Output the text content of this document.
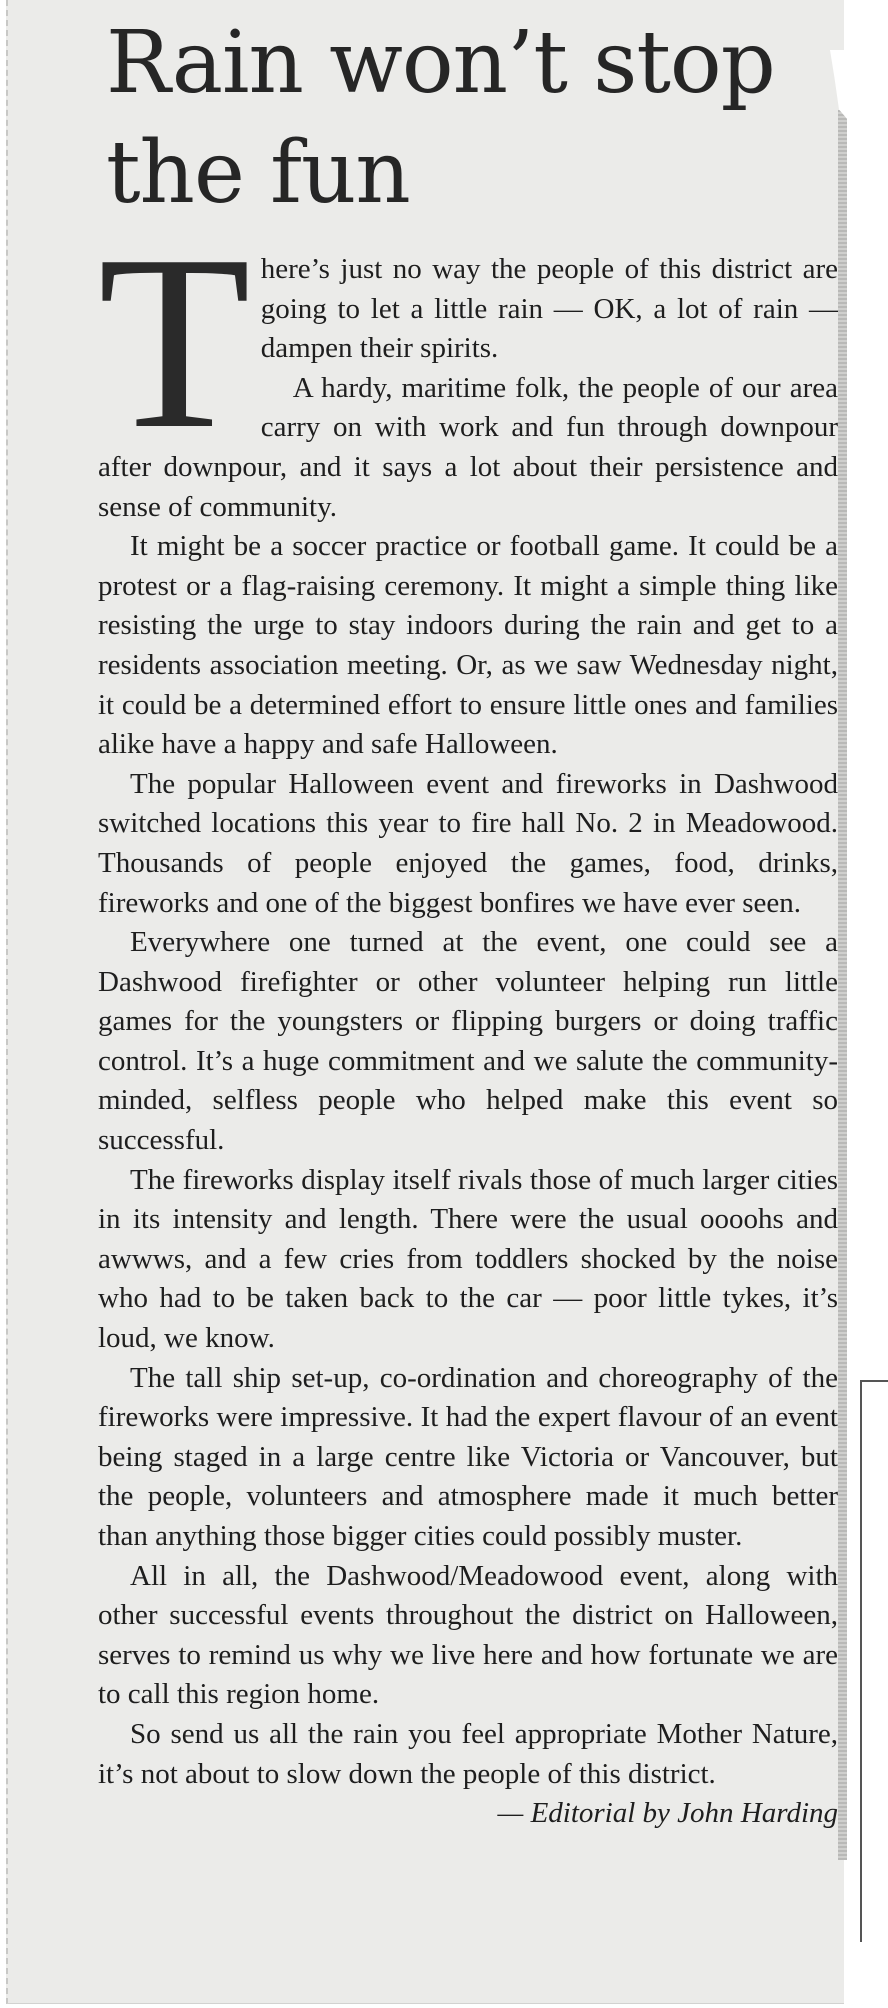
Rain won’t stop the fun

There’s just no way the people of this district are going to let a little rain — OK, a lot of rain — dampen their spirits.

A hardy, maritime folk, the people of our area carry on with work and fun through downpour after downpour, and it says a lot about their persistence and sense of community.

It might be a soccer practice or football game. It could be a protest or a flag-raising ceremony. It might a simple thing like resisting the urge to stay indoors during the rain and get to a residents association meeting. Or, as we saw Wednesday night, it could be a determined effort to ensure little ones and families alike have a happy and safe Halloween.

The popular Halloween event and fireworks in Dashwood switched locations this year to fire hall No. 2 in Meadowood. Thousands of people enjoyed the games, food, drinks, fireworks and one of the biggest bonfires we have ever seen.

Everywhere one turned at the event, one could see a Dashwood firefighter or other volunteer helping run little games for the youngsters or flipping burgers or doing traffic control. It’s a huge commitment and we salute the community-minded, selfless people who helped make this event so successful.

The fireworks display itself rivals those of much larger cities in its intensity and length. There were the usual oooohs and awwws, and a few cries from toddlers shocked by the noise who had to be taken back to the car — poor little tykes, it’s loud, we know.

The tall ship set-up, co-ordination and choreography of the fireworks were impressive. It had the expert flavour of an event being staged in a large centre like Victoria or Vancouver, but the people, volunteers and atmosphere made it much better than anything those bigger cities could possibly muster.

All in all, the Dashwood/Meadowood event, along with other successful events throughout the district on Halloween, serves to remind us why we live here and how fortunate we are to call this region home.

So send us all the rain you feel appropriate Mother Nature, it’s not about to slow down the people of this district.
— Editorial by John Harding
